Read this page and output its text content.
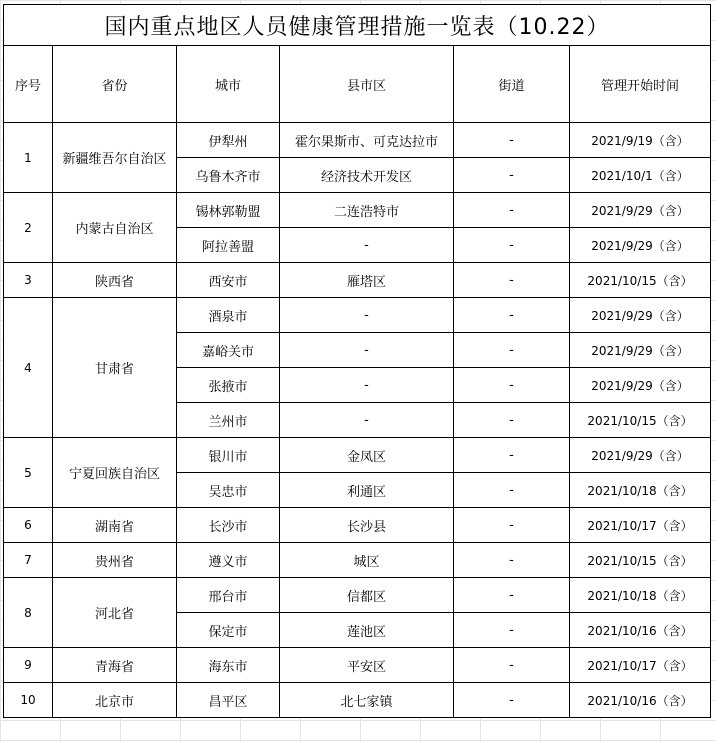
国内重点地区人员健康管理措施一览表（10.22）					
序号	省份	城市	县市区	街道	管理开始时间
1	新疆维吾尔自治区	伊犁州	霍尔果斯市、可克达拉市	-	2021/9/19（含）
		乌鲁木齐市	经济技术开发区	-	2021/10/1（含）
2	内蒙古自治区	锡林郭勒盟	二连浩特市	-	2021/9/29（含）
		阿拉善盟	-	-	2021/9/29（含）
3	陕西省	西安市	雁塔区	-	2021/10/15（含）
4	甘肃省	酒泉市	-	-	2021/9/29（含）
		嘉峪关市	-	-	2021/9/29（含）
		张掖市	-	-	2021/9/29（含）
		兰州市	-	-	2021/10/15（含）
5	宁夏回族自治区	银川市	金凤区	-	2021/9/29（含）
		吴忠市	利通区	-	2021/10/18（含）
6	湖南省	长沙市	长沙县	-	2021/10/17（含）
7	贵州省	遵义市	城区	-	2021/10/15（含）
8	河北省	邢台市	信都区	-	2021/10/18（含）
		保定市	莲池区	-	2021/10/16（含）
9	青海省	海东市	平安区	-	2021/10/17（含）
10	北京市	昌平区	北七家镇	-	2021/10/16（含）
